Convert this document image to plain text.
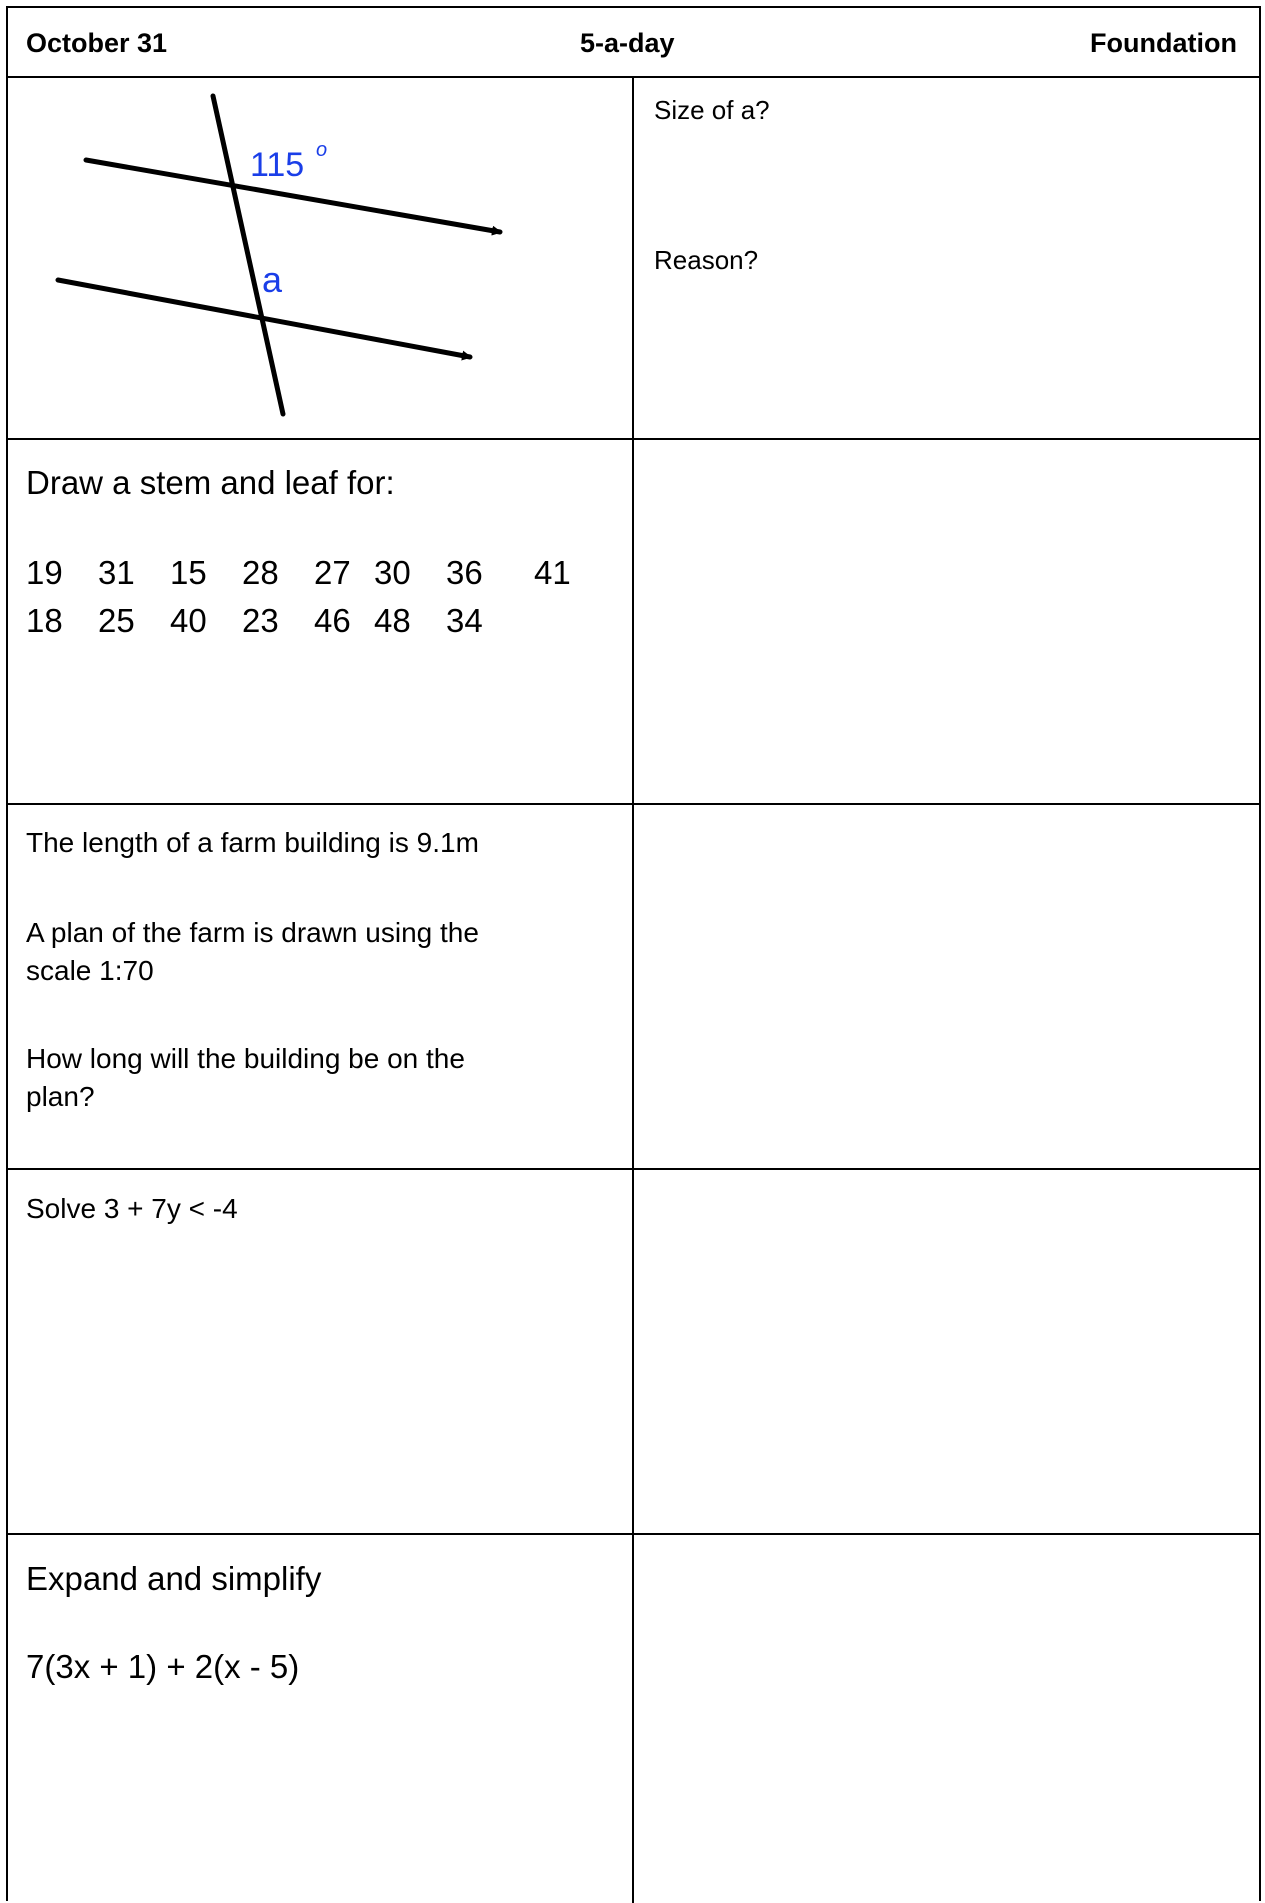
October 31	5-a-day	Foundation
115 o
a
Size of a?
Reason?
Draw a stem and leaf for:
19 31 15 28 27 30 36 41
18 25 40 23 46 48 34
The length of a farm building is 9.1m
A plan of the farm is drawn using the
scale 1:70
How long will the building be on the
plan?
Solve 3 + 7y < -4
Expand and simplify
7(3x + 1) + 2(x - 5)
